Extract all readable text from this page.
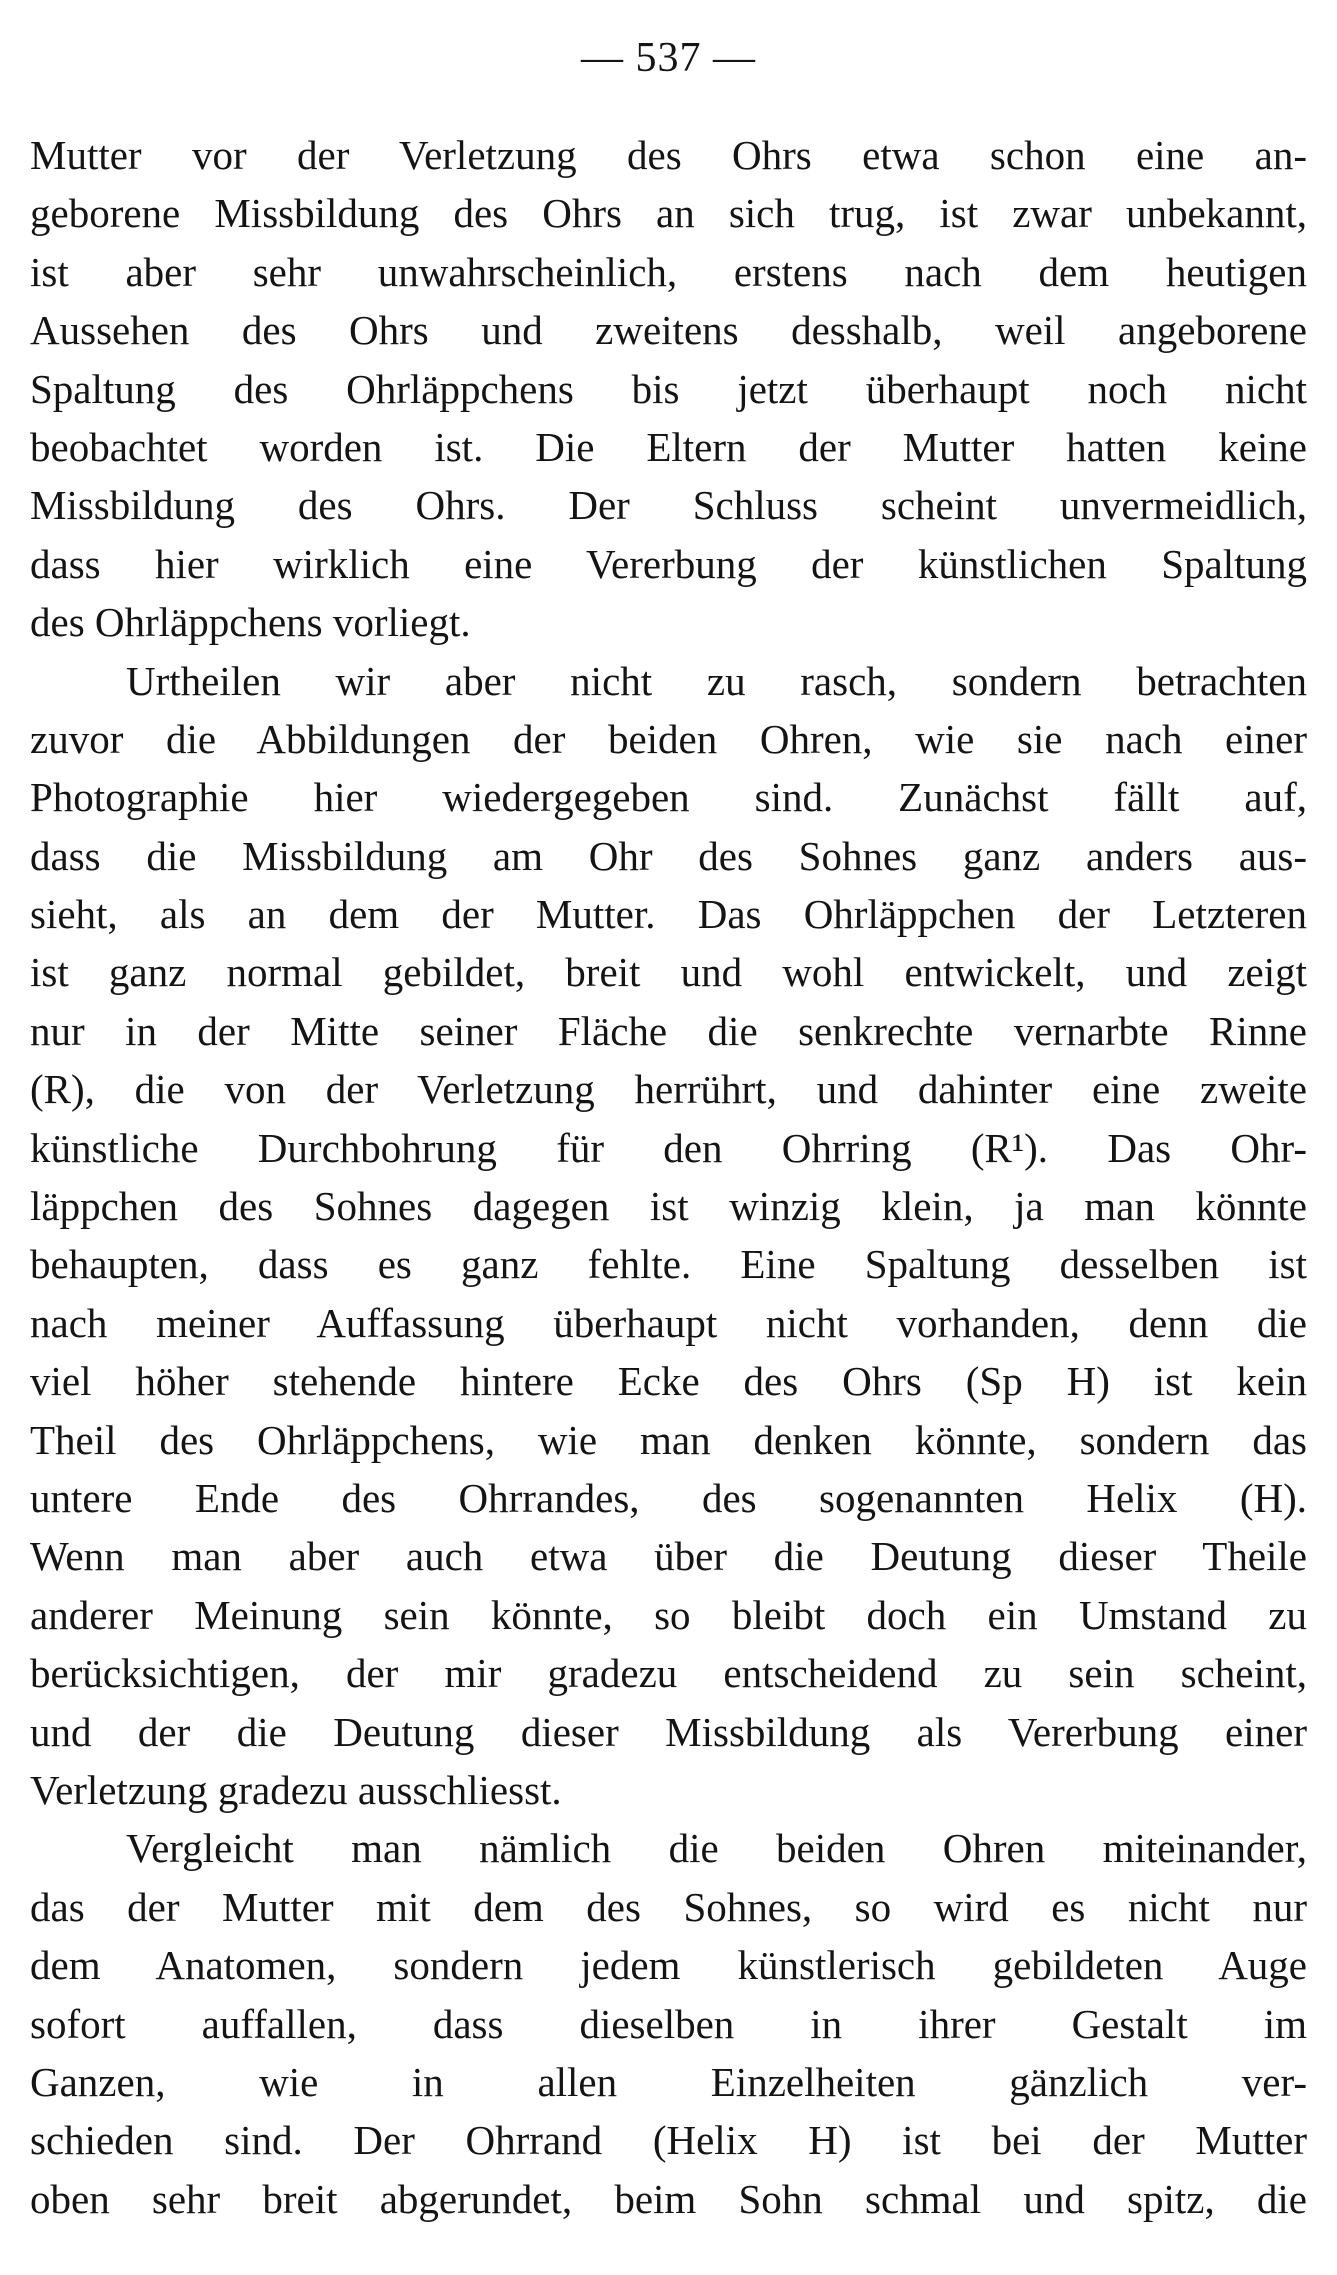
— 537 —
Mutter vor der Verletzung des Ohrs etwa schon eine an-
geborene Missbildung des Ohrs an sich trug, ist zwar unbekannt,
ist aber sehr unwahrscheinlich, erstens nach dem heutigen
Aussehen des Ohrs und zweitens desshalb, weil angeborene
Spaltung des Ohrläppchens bis jetzt überhaupt noch nicht
beobachtet worden ist. Die Eltern der Mutter hatten keine
Missbildung des Ohrs. Der Schluss scheint unvermeidlich,
dass hier wirklich eine Vererbung der künstlichen Spaltung
des Ohrläppchens vorliegt.
Urtheilen wir aber nicht zu rasch, sondern betrachten
zuvor die Abbildungen der beiden Ohren, wie sie nach einer
Photographie hier wiedergegeben sind. Zunächst fällt auf,
dass die Missbildung am Ohr des Sohnes ganz anders aus-
sieht, als an dem der Mutter. Das Ohrläppchen der Letzteren
ist ganz normal gebildet, breit und wohl entwickelt, und zeigt
nur in der Mitte seiner Fläche die senkrechte vernarbte Rinne
(R), die von der Verletzung herrührt, und dahinter eine zweite
künstliche Durchbohrung für den Ohrring (R¹). Das Ohr-
läppchen des Sohnes dagegen ist winzig klein, ja man könnte
behaupten, dass es ganz fehlte. Eine Spaltung desselben ist
nach meiner Auffassung überhaupt nicht vorhanden, denn die
viel höher stehende hintere Ecke des Ohrs (Sp H) ist kein
Theil des Ohrläppchens, wie man denken könnte, sondern das
untere Ende des Ohrrandes, des sogenannten Helix (H).
Wenn man aber auch etwa über die Deutung dieser Theile
anderer Meinung sein könnte, so bleibt doch ein Umstand zu
berücksichtigen, der mir gradezu entscheidend zu sein scheint,
und der die Deutung dieser Missbildung als Vererbung einer
Verletzung gradezu ausschliesst.
Vergleicht man nämlich die beiden Ohren miteinander,
das der Mutter mit dem des Sohnes, so wird es nicht nur
dem Anatomen, sondern jedem künstlerisch gebildeten Auge
sofort auffallen, dass dieselben in ihrer Gestalt im
Ganzen, wie in allen Einzelheiten gänzlich ver-
schieden sind. Der Ohrrand (Helix H) ist bei der Mutter
oben sehr breit abgerundet, beim Sohn schmal und spitz, die
